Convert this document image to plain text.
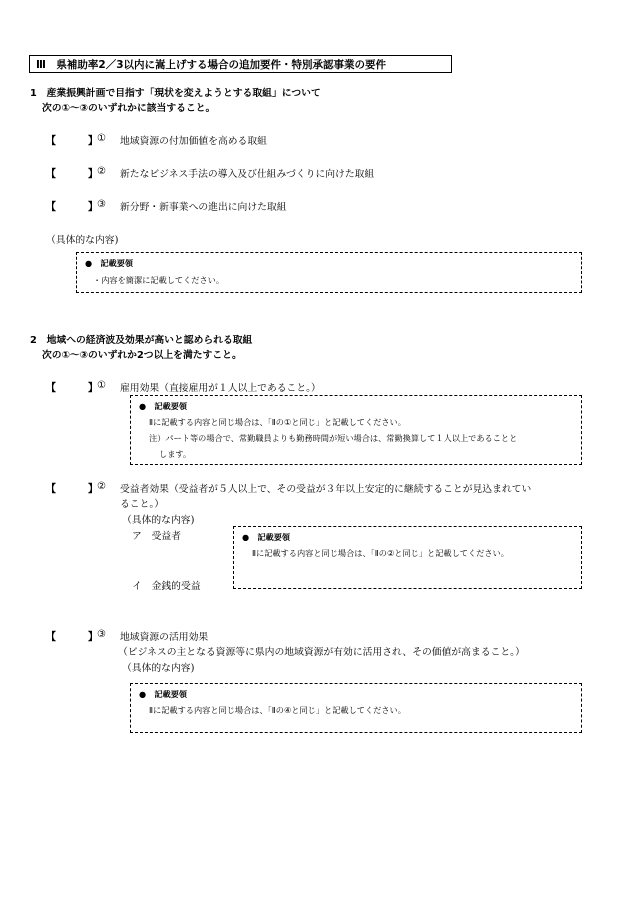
Ⅲ　県補助率2／3以内に嵩上げする場合の追加要件・特別承認事業の要件
1　産業振興計画で目指す「現状を変えようとする取組」について
次の①～③のいずれかに該当すること。
【	】 ① 地域資源の付加価値を高める取組
【	】 ② 新たなビジネス手法の導入及び仕組みづくりに向けた取組
【	】 ③ 新分野・新事業への進出に向けた取組
（具体的な内容)
●　記載要領
・内容を簡潔に記載してください。
2　地域への経済波及効果が高いと認められる取組
次の①～③のいずれか2つ以上を満たすこと。
【	】 ① 雇用効果（直接雇用が１人以上であること。）
●　記載要領
Ⅱに記載する内容と同じ場合は、「Ⅱの①と同じ」と記載してください。
注）パート等の場合で、常勤職員よりも勤務時間が短い場合は、常勤換算して１人以上であることと
します。
【	】 ② 受益者効果（受益者が５人以上で、その受益が３年以上安定的に継続することが見込まれてい
ること。）
（具体的な内容)
ア　受益者
イ　金銭的受益
●　記載要領
Ⅱに記載する内容と同じ場合は、「Ⅱの②と同じ」と記載してください。
【	】 ③ 地域資源の活用効果
（ビジネスの主となる資源等に県内の地域資源が有効に活用され、その価値が高まること。）
（具体的な内容)
●　記載要領
Ⅱに記載する内容と同じ場合は、「Ⅱの④と同じ」と記載してください。
